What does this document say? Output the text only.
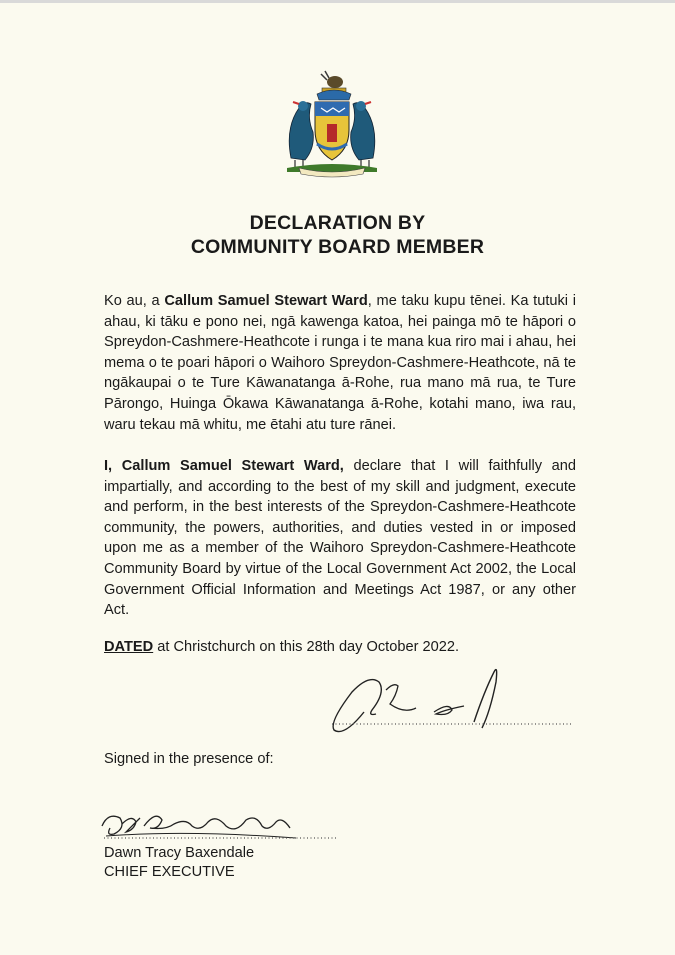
DECLARATION BY
COMMUNITY BOARD MEMBER

Ko au, a Callum Samuel Stewart Ward, me taku kupu tēnei. Ka tutuki i ahau, ki tāku e pono nei, ngā kawenga katoa, hei painga mō te hāpori o Spreydon-Cashmere-Heathcote i runga i te mana kua riro mai i ahau, hei mema o te poari hāpori o Waihoro Spreydon-Cashmere-Heathcote, nā te ngākaupai o te Ture Kāwanatanga ā-Rohe, rua mano mā rua, te Ture Pārongo, Huinga Ōkawa Kāwanatanga ā-Rohe, kotahi mano, iwa rau, waru tekau mā whitu, me ētahi atu ture rānei.

I, Callum Samuel Stewart Ward, declare that I will faithfully and impartially, and according to the best of my skill and judgment, execute and perform, in the best interests of the Spreydon-Cashmere-Heathcote community, the powers, authorities, and duties vested in or imposed upon me as a member of the Waihoro Spreydon-Cashmere-Heathcote Community Board by virtue of the Local Government Act 2002, the Local Government Official Information and Meetings Act 1987, or any other Act.

DATED at Christchurch on this 28th day October 2022.
Signed in the presence of:
Dawn Tracy Baxendale
CHIEF EXECUTIVE
